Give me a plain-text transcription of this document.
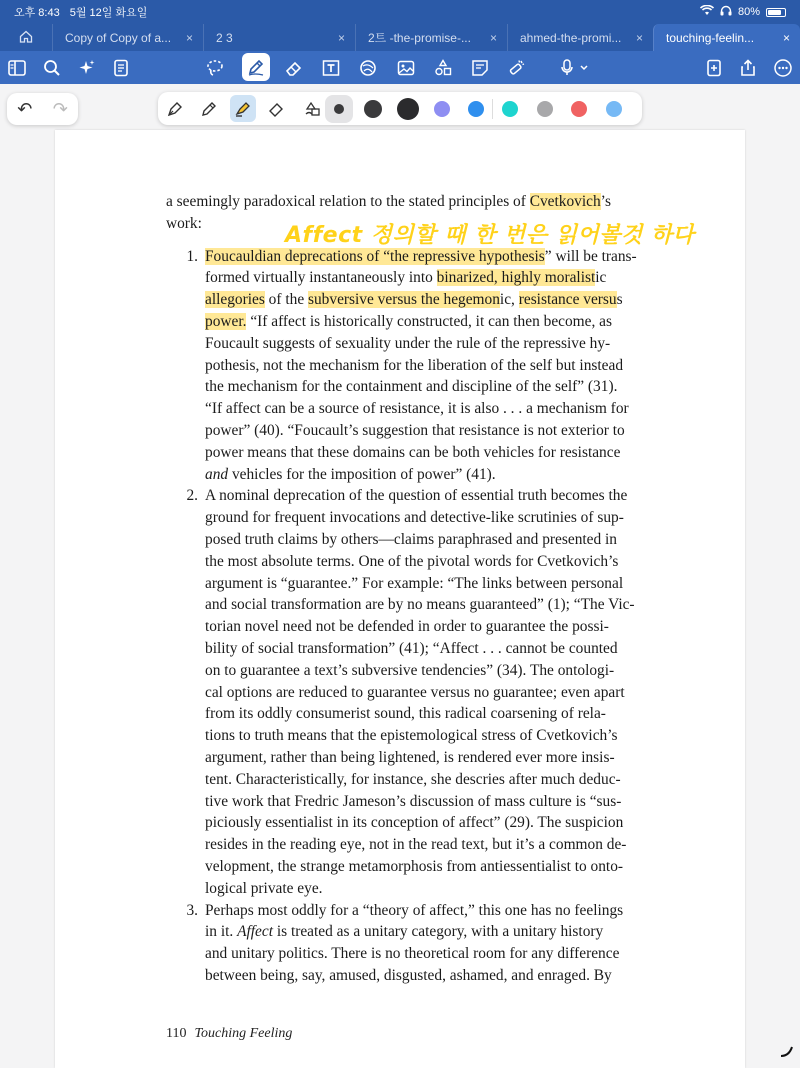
오후 8:43 5월 12일 화요일	80%
Copy of Copy of a...	× 2 3	× 2트 -the-promise-...	× ahmed-the-promi...	× touching-feelin...	×
↶ ↷
Affect 정의할 때 한 번은 읽어볼것 하다
a seemingly paradoxical relation to the stated principles of Cvetkovich’s
work:
1. Foucauldian deprecations of “the repressive hypothesis” will be trans-
formed virtually instantaneously into binarized, highly moralistic
allegories of the subversive versus the hegemonic, resistance versus
power. “If affect is historically constructed, it can then become, as
Foucault suggests of sexuality under the rule of the repressive hy-
pothesis, not the mechanism for the liberation of the self but instead
the mechanism for the containment and discipline of the self” (31).
“If affect can be a source of resistance, it is also . . . a mechanism for
power” (40). “Foucault’s suggestion that resistance is not exterior to
power means that these domains can be both vehicles for resistance
and vehicles for the imposition of power” (41).
2. A nominal deprecation of the question of essential truth becomes the
ground for frequent invocations and detective-like scrutinies of sup-
posed truth claims by others—claims paraphrased and presented in
the most absolute terms. One of the pivotal words for Cvetkovich’s
argument is “guarantee.” For example: “The links between personal
and social transformation are by no means guaranteed” (1); “The Vic-
torian novel need not be defended in order to guarantee the possi-
bility of social transformation” (41); “Affect . . . cannot be counted
on to guarantee a text’s subversive tendencies” (34). The ontologi-
cal options are reduced to guarantee versus no guarantee; even apart
from its oddly consumerist sound, this radical coarsening of rela-
tions to truth means that the epistemological stress of Cvetkovich’s
argument, rather than being lightened, is rendered ever more insis-
tent. Characteristically, for instance, she descries after much deduc-
tive work that Fredric Jameson’s discussion of mass culture is “sus-
piciously essentialist in its conception of affect” (29). The suspicion
resides in the reading eye, not in the read text, but it’s a common de-
velopment, the strange metamorphosis from antiessentialist to onto-
logical private eye.
3. Perhaps most oddly for a “theory of affect,” this one has no feelings
in it. Affect is treated as a unitary category, with a unitary history
and unitary politics. There is no theoretical room for any difference
between being, say, amused, disgusted, ashamed, and enraged. By
110 Touching Feeling
